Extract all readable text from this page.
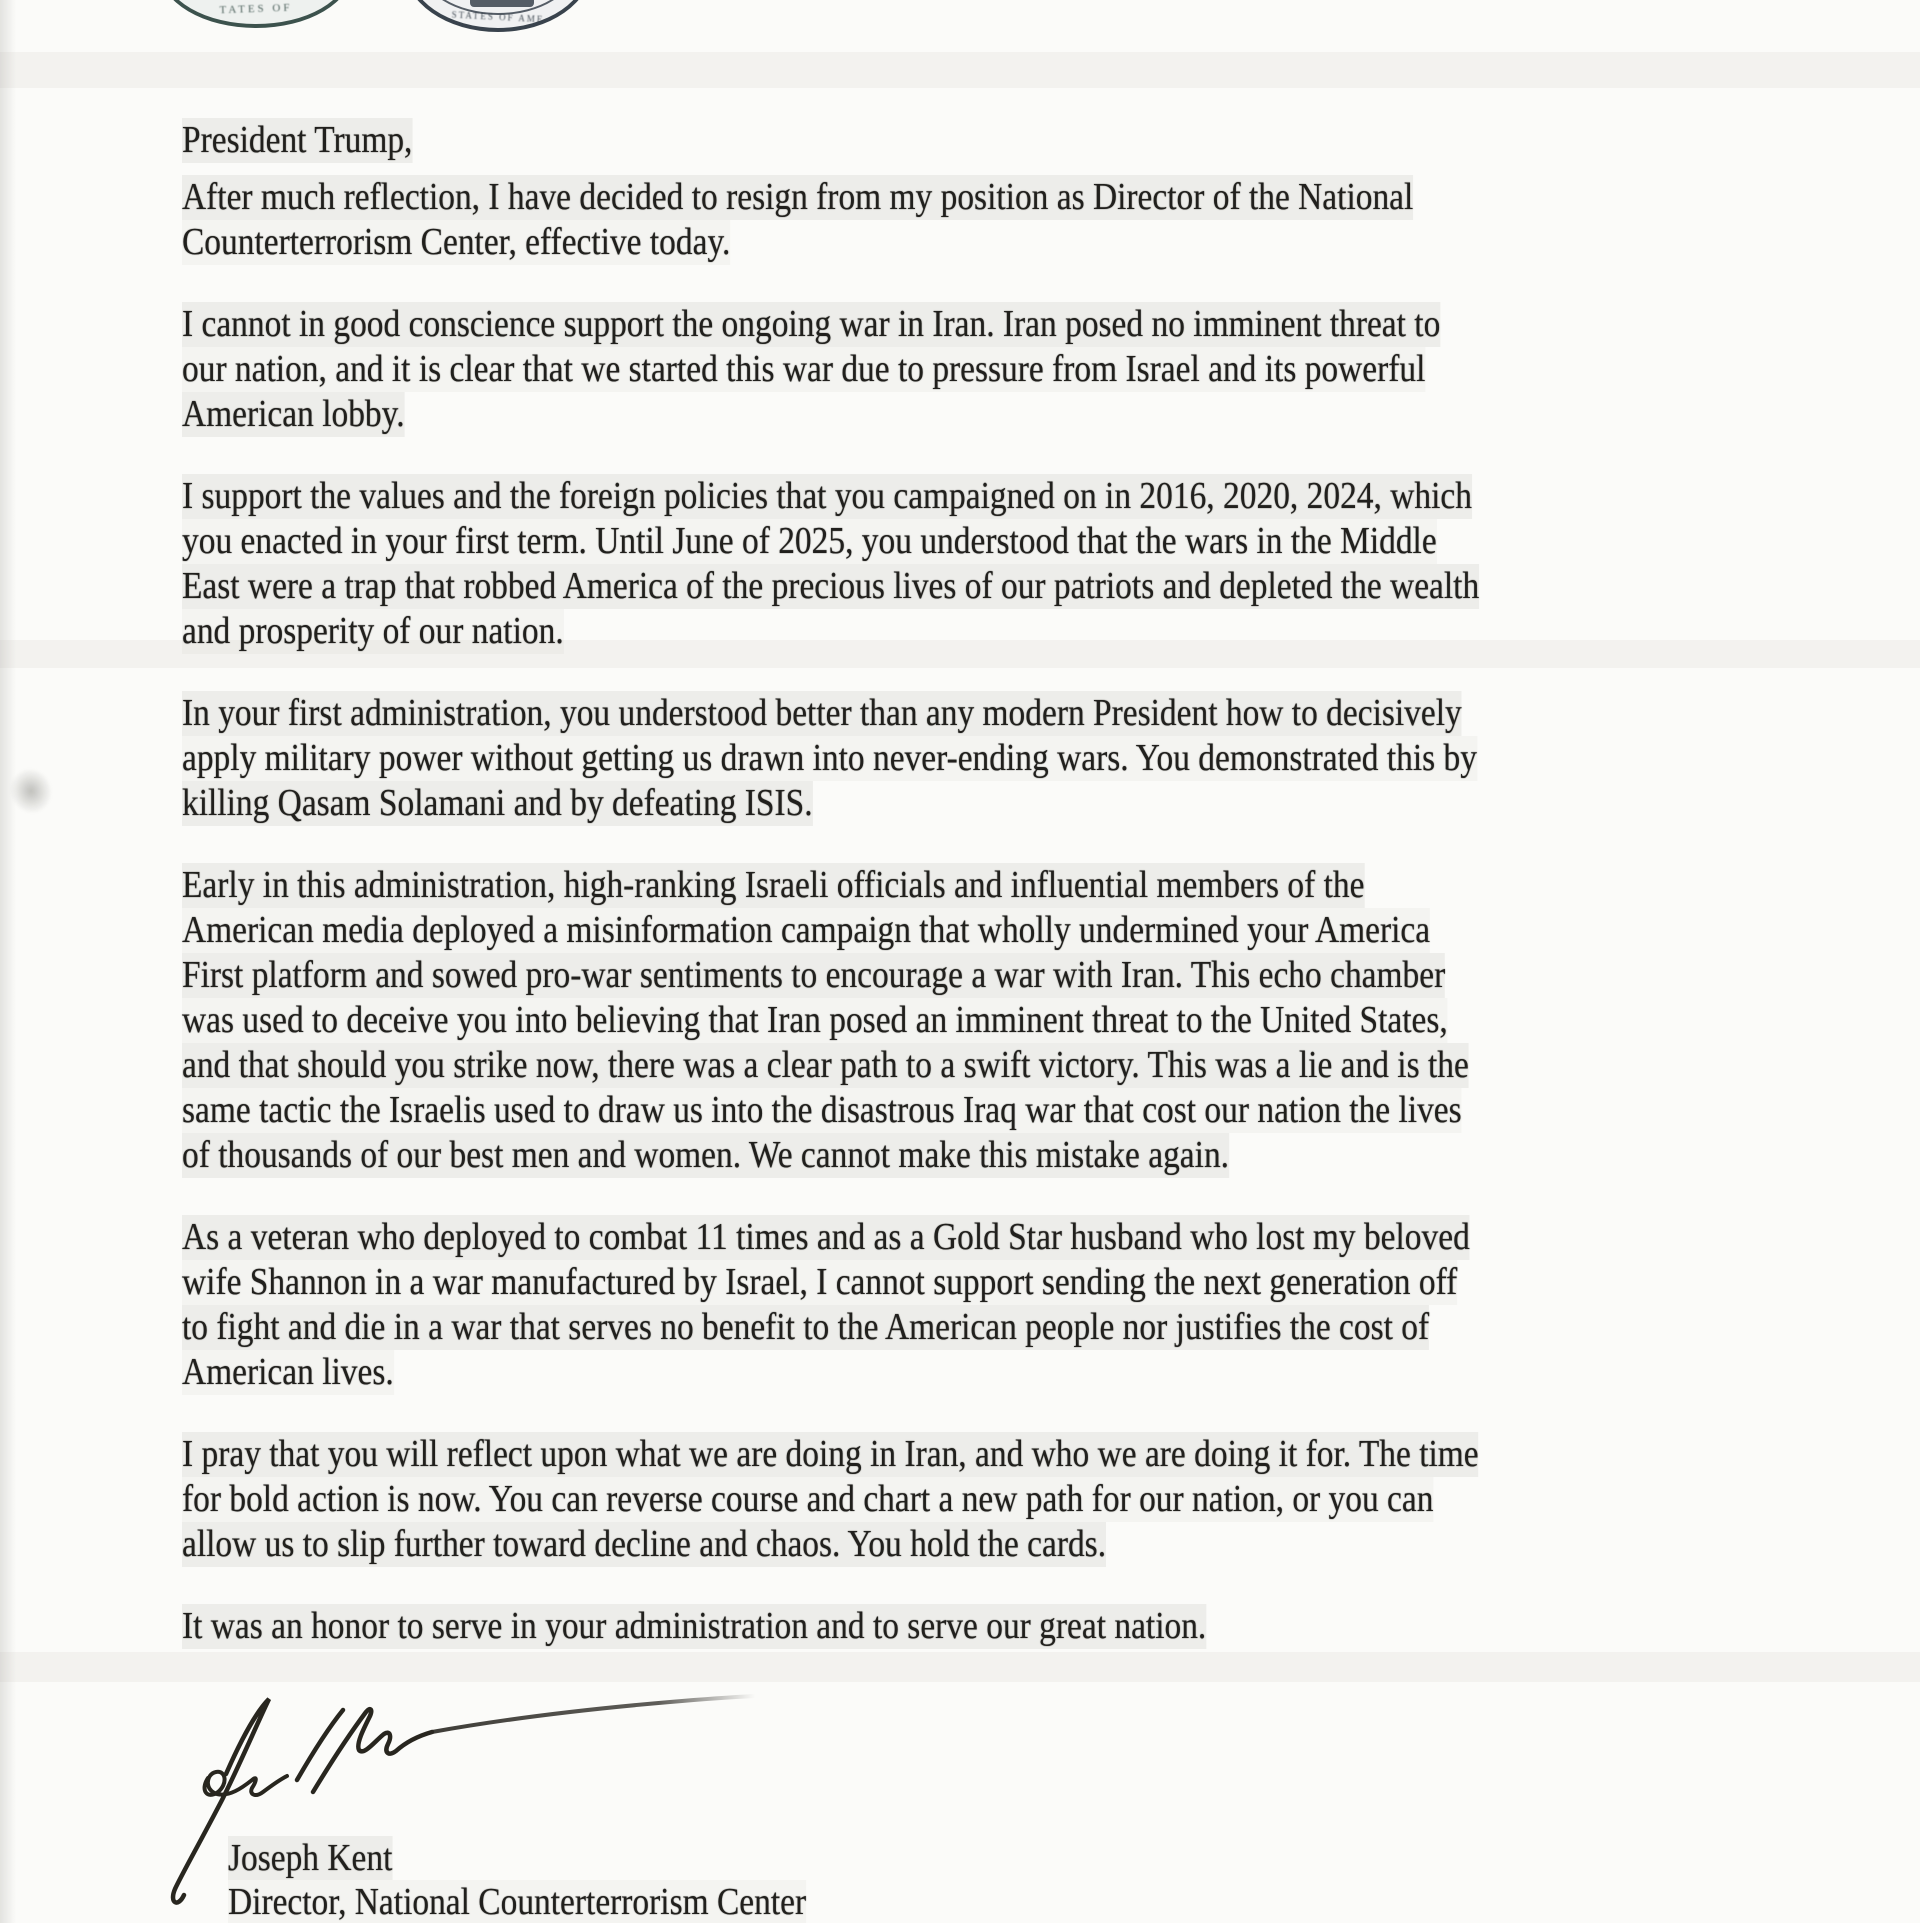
TATES OF
STATES OF AME
President Trump,
After much reflection, I have decided to resign from my position as Director of the National
Counterterrorism Center, effective today.
I cannot in good conscience support the ongoing war in Iran. Iran posed no imminent threat to
our nation, and it is clear that we started this war due to pressure from Israel and its powerful
American lobby.
I support the values and the foreign policies that you campaigned on in 2016, 2020, 2024, which
you enacted in your first term. Until June of 2025, you understood that the wars in the Middle
East were a trap that robbed America of the precious lives of our patriots and depleted the wealth
and prosperity of our nation.
In your first administration, you understood better than any modern President how to decisively
apply military power without getting us drawn into never-ending wars. You demonstrated this by
killing Qasam Solamani and by defeating ISIS.
Early in this administration, high-ranking Israeli officials and influential members of the
American media deployed a misinformation campaign that wholly undermined your America
First platform and sowed pro-war sentiments to encourage a war with Iran. This echo chamber
was used to deceive you into believing that Iran posed an imminent threat to the United States,
and that should you strike now, there was a clear path to a swift victory. This was a lie and is the
same tactic the Israelis used to draw us into the disastrous Iraq war that cost our nation the lives
of thousands of our best men and women. We cannot make this mistake again.
As a veteran who deployed to combat 11 times and as a Gold Star husband who lost my beloved
wife Shannon in a war manufactured by Israel, I cannot support sending the next generation off
to fight and die in a war that serves no benefit to the American people nor justifies the cost of
American lives.
I pray that you will reflect upon what we are doing in Iran, and who we are doing it for. The time
for bold action is now. You can reverse course and chart a new path for our nation, or you can
allow us to slip further toward decline and chaos. You hold the cards.
It was an honor to serve in your administration and to serve our great nation.
Joseph Kent
Director, National Counterterrorism Center
